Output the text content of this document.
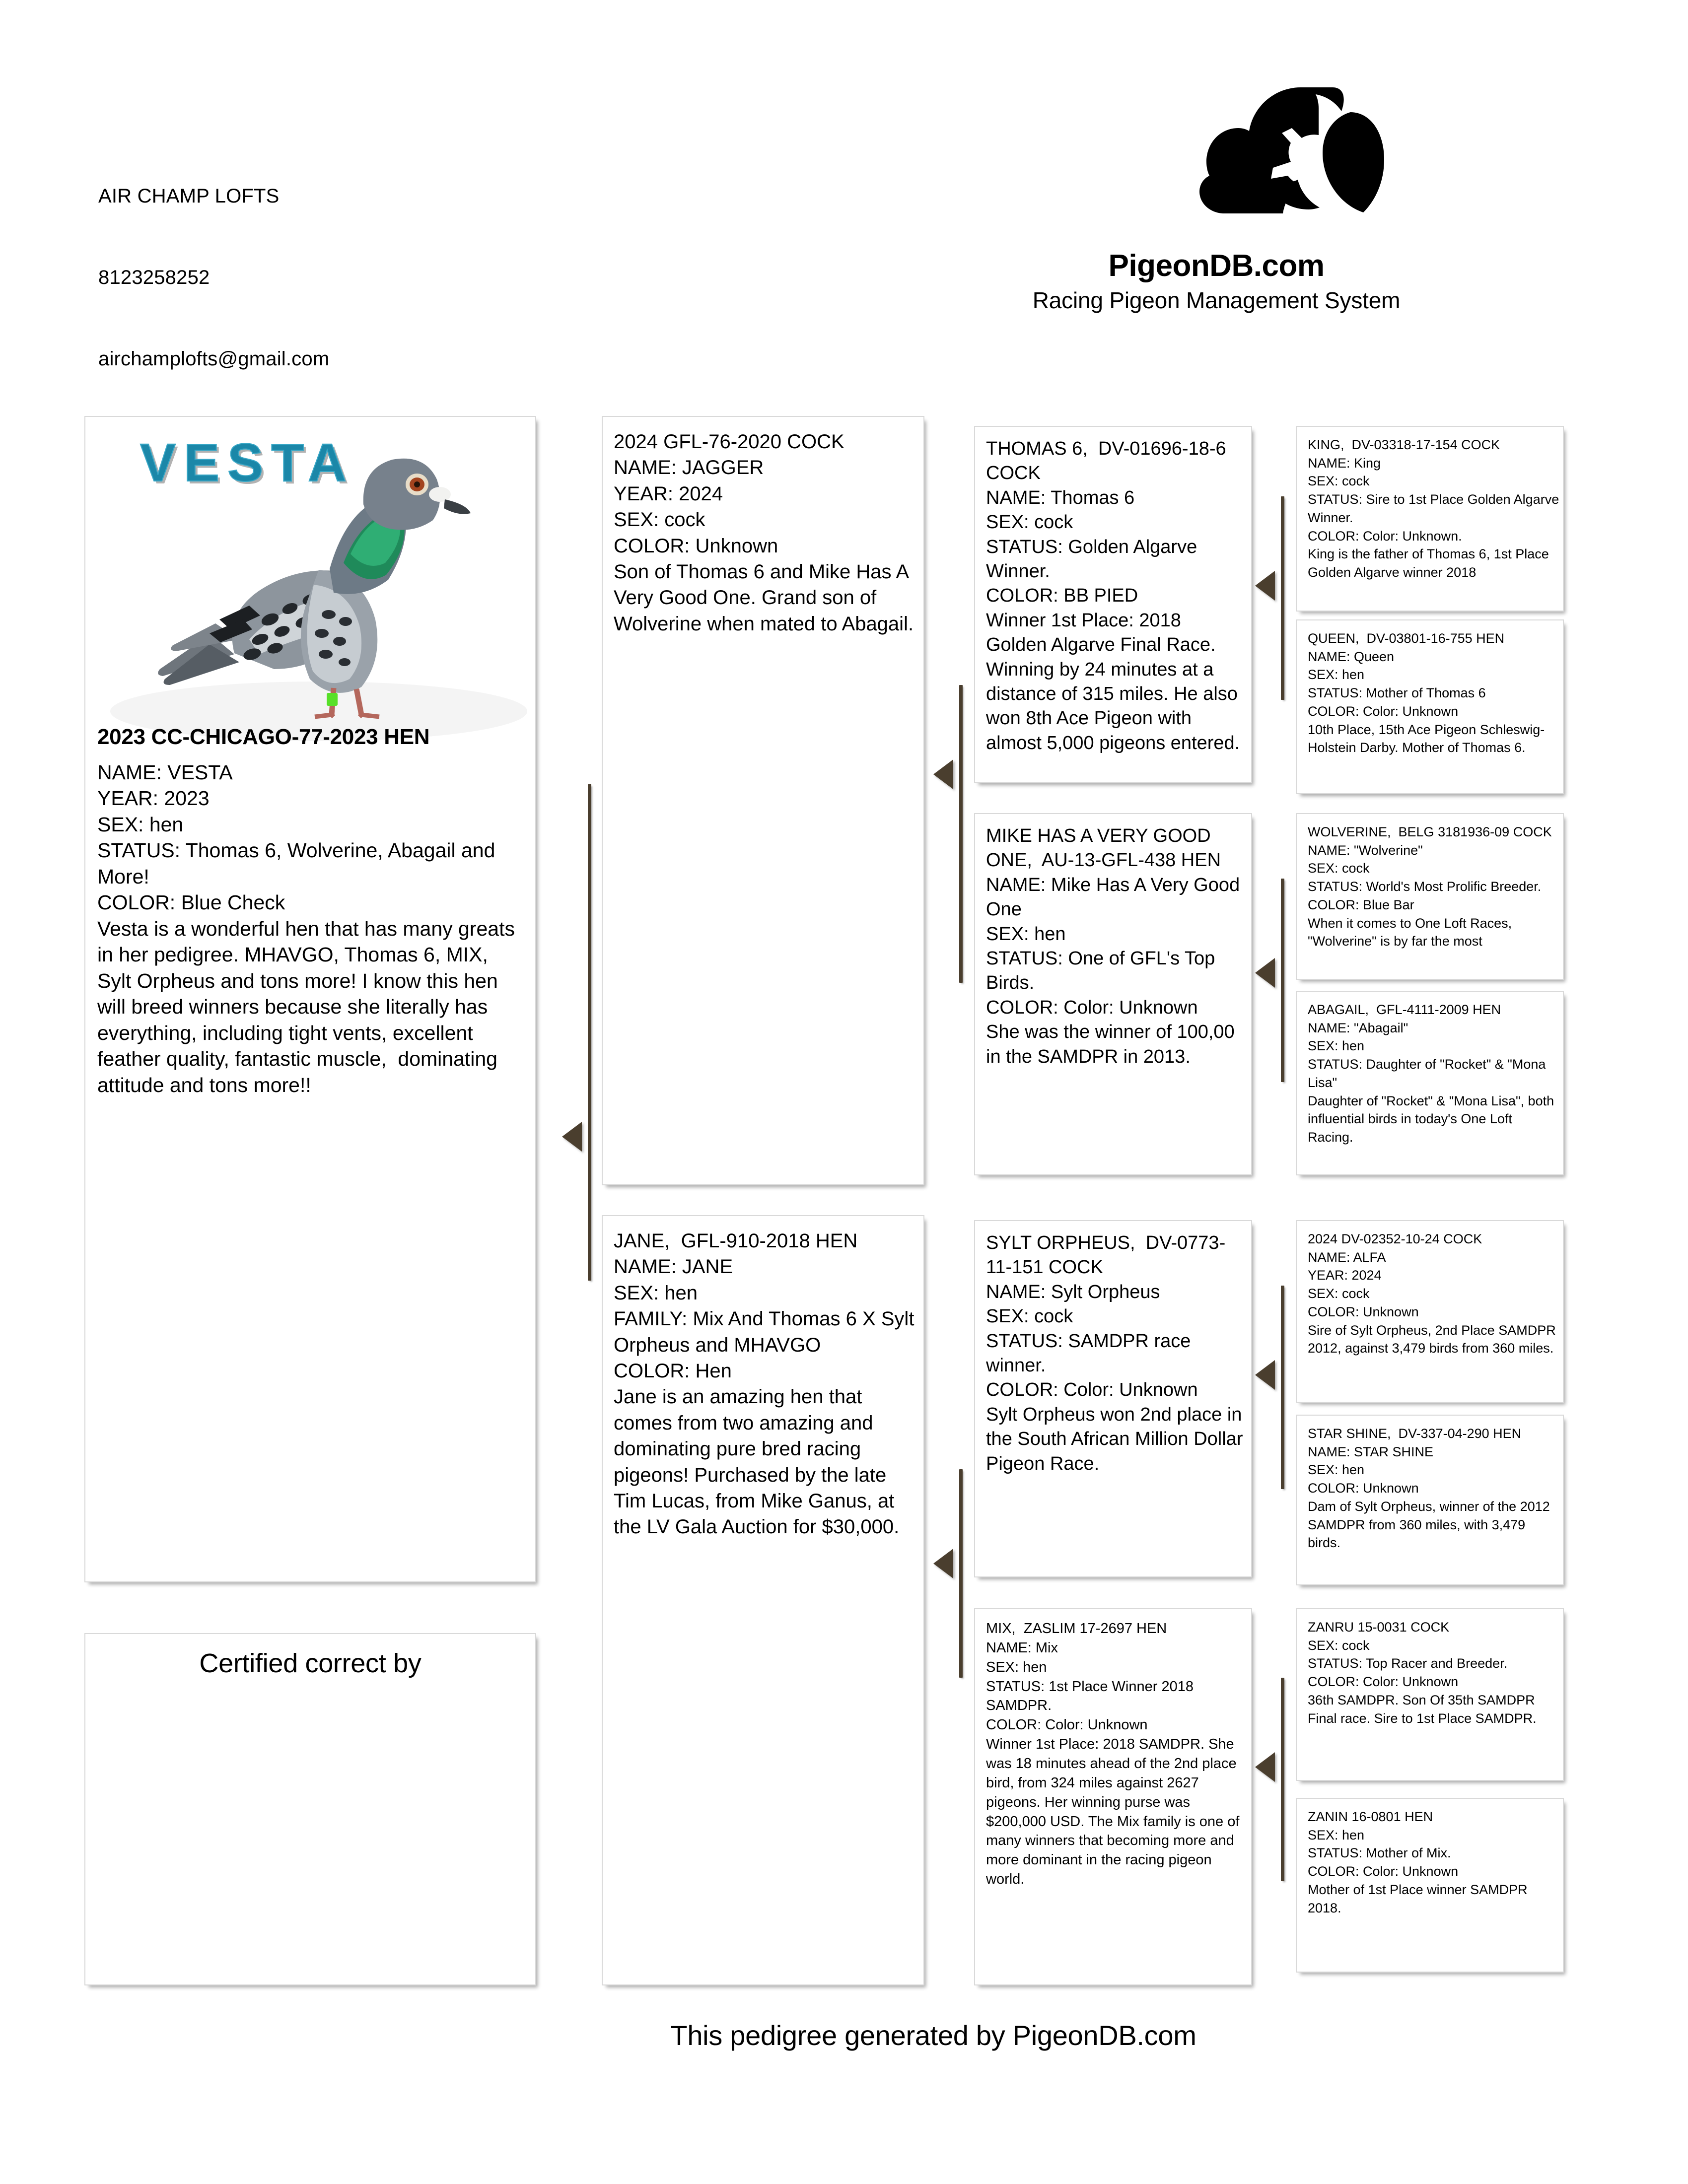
AIR CHAMP LOFTS

8123258252

airchamplofts@gmail.com

PigeonDB.com
Racing Pigeon Management System
VESTA
2023 CC-CHICAGO-77-2023 HEN
NAME: VESTA
YEAR: 2023
SEX: hen
STATUS: Thomas 6, Wolverine, Abagail and More!
COLOR: Blue Check
Vesta is a wonderful hen that has many greats in her pedigree. MHAVGO, Thomas 6, MIX, Sylt Orpheus and tons more! I know this hen will breed winners because she literally has everything, including tight vents, excellent feather quality, fantastic muscle,  dominating attitude and tons more!!
Certified correct by
2024 GFL-76-2020 COCK
NAME: JAGGER
YEAR: 2024
SEX: cock
COLOR: Unknown
Son of Thomas 6 and Mike Has A Very Good One. Grand son of Wolverine when mated to Abagail.
JANE,  GFL-910-2018 HEN
NAME: JANE
SEX: hen
FAMILY: Mix And Thomas 6 X Sylt Orpheus and MHAVGO
COLOR: Hen
Jane is an amazing hen that comes from two amazing and dominating pure bred racing pigeons! Purchased by the late Tim Lucas, from Mike Ganus, at the LV Gala Auction for $30,000.
THOMAS 6,  DV-01696-18-6 COCK
NAME: Thomas 6
SEX: cock
STATUS: Golden Algarve Winner.
COLOR: BB PIED
Winner 1st Place: 2018 Golden Algarve Final Race. Winning by 24 minutes at a distance of 315 miles. He also won 8th Ace Pigeon with almost 5,000 pigeons entered.
MIKE HAS A VERY GOOD ONE,  AU-13-GFL-438 HEN
NAME: Mike Has A Very Good One
SEX: hen
STATUS: One of GFL's Top Birds.
COLOR: Color: Unknown
She was the winner of 100,00 in the SAMDPR in 2013.
SYLT ORPHEUS,  DV-0773-11-151 COCK
NAME: Sylt Orpheus
SEX: cock
STATUS: SAMDPR race winner.
COLOR: Color: Unknown
Sylt Orpheus won 2nd place in the South African Million Dollar Pigeon Race.
MIX,  ZASLIM 17-2697 HEN
NAME: Mix
SEX: hen
STATUS: 1st Place Winner 2018 SAMDPR.
COLOR: Color: Unknown
Winner 1st Place: 2018 SAMDPR. She was 18 minutes ahead of the 2nd place bird, from 324 miles against 2627 pigeons. Her winning purse was $200,000 USD. The Mix family is one of many winners that becoming more and more dominant in the racing pigeon world.
KING,  DV-03318-17-154 COCK
NAME: King
SEX: cock
STATUS: Sire to 1st Place Golden Algarve Winner.
COLOR: Color: Unknown.
King is the father of Thomas 6, 1st Place Golden Algarve winner 2018
QUEEN,  DV-03801-16-755 HEN
NAME: Queen
SEX: hen
STATUS: Mother of Thomas 6
COLOR: Color: Unknown
10th Place, 15th Ace Pigeon Schleswig-Holstein Darby. Mother of Thomas 6.
WOLVERINE,  BELG 3181936-09 COCK
NAME: "Wolverine"
SEX: cock
STATUS: World's Most Prolific Breeder.
COLOR: Blue Bar
When it comes to One Loft Races, "Wolverine" is by far the most
ABAGAIL,  GFL-4111-2009 HEN
NAME: "Abagail"
SEX: hen
STATUS: Daughter of "Rocket" & "Mona Lisa"
Daughter of "Rocket" & "Mona Lisa", both influential birds in today's One Loft Racing.
2024 DV-02352-10-24 COCK
NAME: ALFA
YEAR: 2024
SEX: cock
COLOR: Unknown
Sire of Sylt Orpheus, 2nd Place SAMDPR 2012, against 3,479 birds from 360 miles.
STAR SHINE,  DV-337-04-290 HEN
NAME: STAR SHINE
SEX: hen
COLOR: Unknown
Dam of Sylt Orpheus, winner of the 2012 SAMDPR from 360 miles, with 3,479 birds.
ZANRU 15-0031 COCK
SEX: cock
STATUS: Top Racer and Breeder.
COLOR: Color: Unknown
36th SAMDPR. Son Of 35th SAMDPR Final race. Sire to 1st Place SAMDPR.
ZANIN 16-0801 HEN
SEX: hen
STATUS: Mother of Mix.
COLOR: Color: Unknown
Mother of 1st Place winner SAMDPR 2018.
This pedigree generated by PigeonDB.com
